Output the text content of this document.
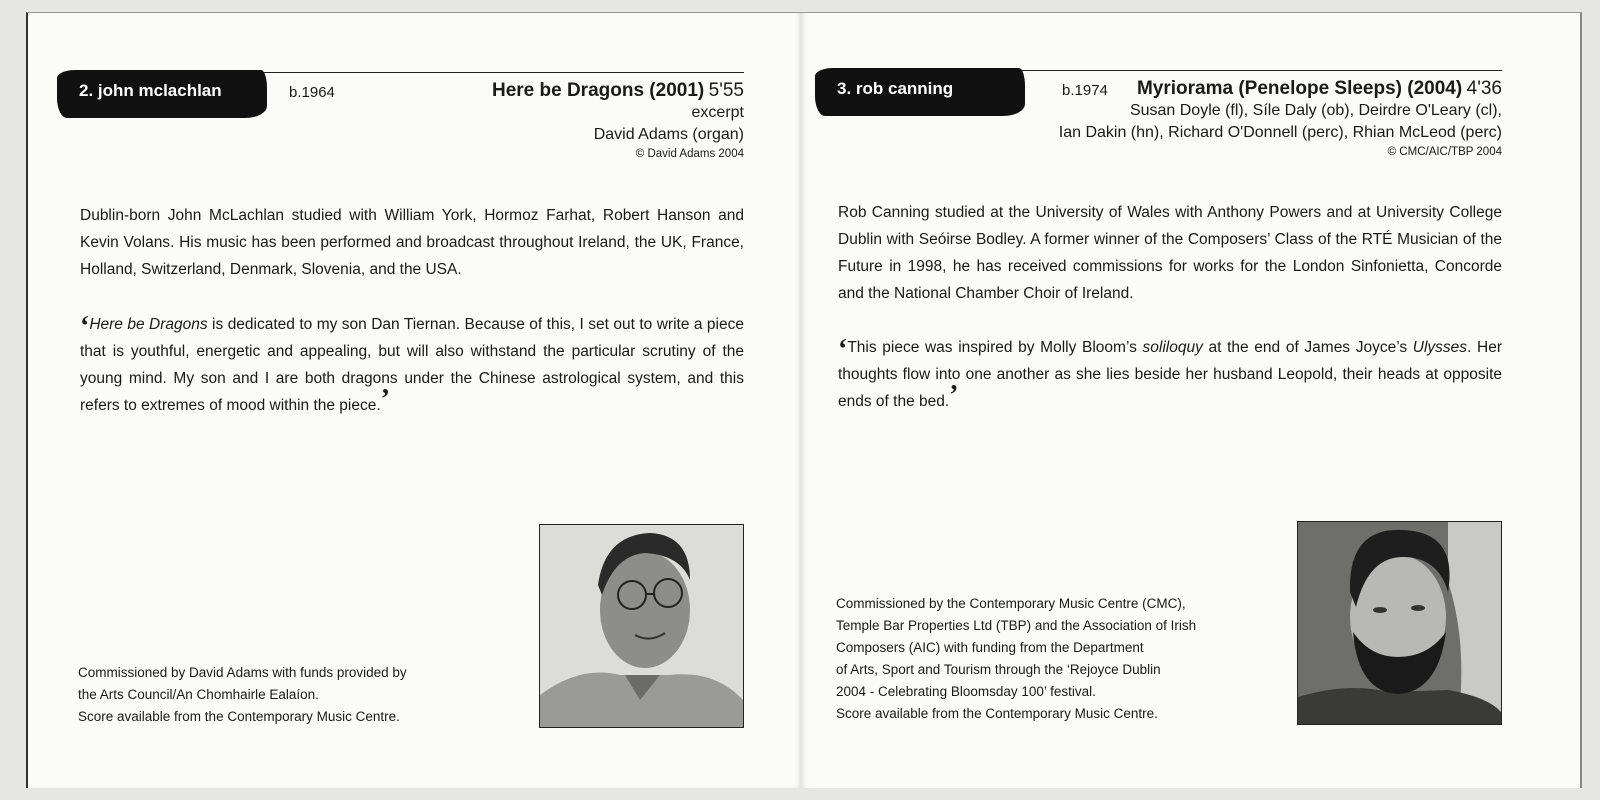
2. john mclachlan	b.1964	Here be Dragons (2001) 5'55
excerpt
David Adams (organ)
© David Adams 2004
Dublin-born John McLachlan studied with William York, Hormoz Farhat, Robert Hanson and Kevin Volans. His music has been performed and broadcast throughout Ireland, the UK, France, Holland, Switzerland, Denmark, Slovenia, and the USA.
‘Here be Dragons is dedicated to my son Dan Tiernan. Because of this, I set out to write a piece that is youthful, energetic and appealing, but will also withstand the particular scrutiny of the young mind. My son and I are both dragons under the Chinese astrological system, and this refers to extremes of mood within the piece.’
Commissioned by David Adams with funds provided by
the Arts Council/An Chomhairle Ealaíon.
Score available from the Contemporary Music Centre.
3. rob canning	b.1974	Myriorama (Penelope Sleeps) (2004) 4'36
Susan Doyle (fl), Síle Daly (ob), Deirdre O'Leary (cl),
Ian Dakin (hn), Richard O'Donnell (perc), Rhian McLeod (perc)
© CMC/AIC/TBP 2004
Rob Canning studied at the University of Wales with Anthony Powers and at University College Dublin with Seóirse Bodley. A former winner of the Composers’ Class of the RTÉ Musician of the Future in 1998, he has received commissions for works for the London Sinfonietta, Concorde and the National Chamber Choir of Ireland.
‘This piece was inspired by Molly Bloom’s soliloquy at the end of James Joyce’s Ulysses. Her thoughts flow into one another as she lies beside her husband Leopold, their heads at opposite ends of the bed.’
Commissioned by the Contemporary Music Centre (CMC),
Temple Bar Properties Ltd (TBP) and the Association of Irish
Composers (AIC) with funding from the Department
of Arts, Sport and Tourism through the ‘Rejoyce Dublin
2004 - Celebrating Bloomsday 100’ festival.
Score available from the Contemporary Music Centre.
